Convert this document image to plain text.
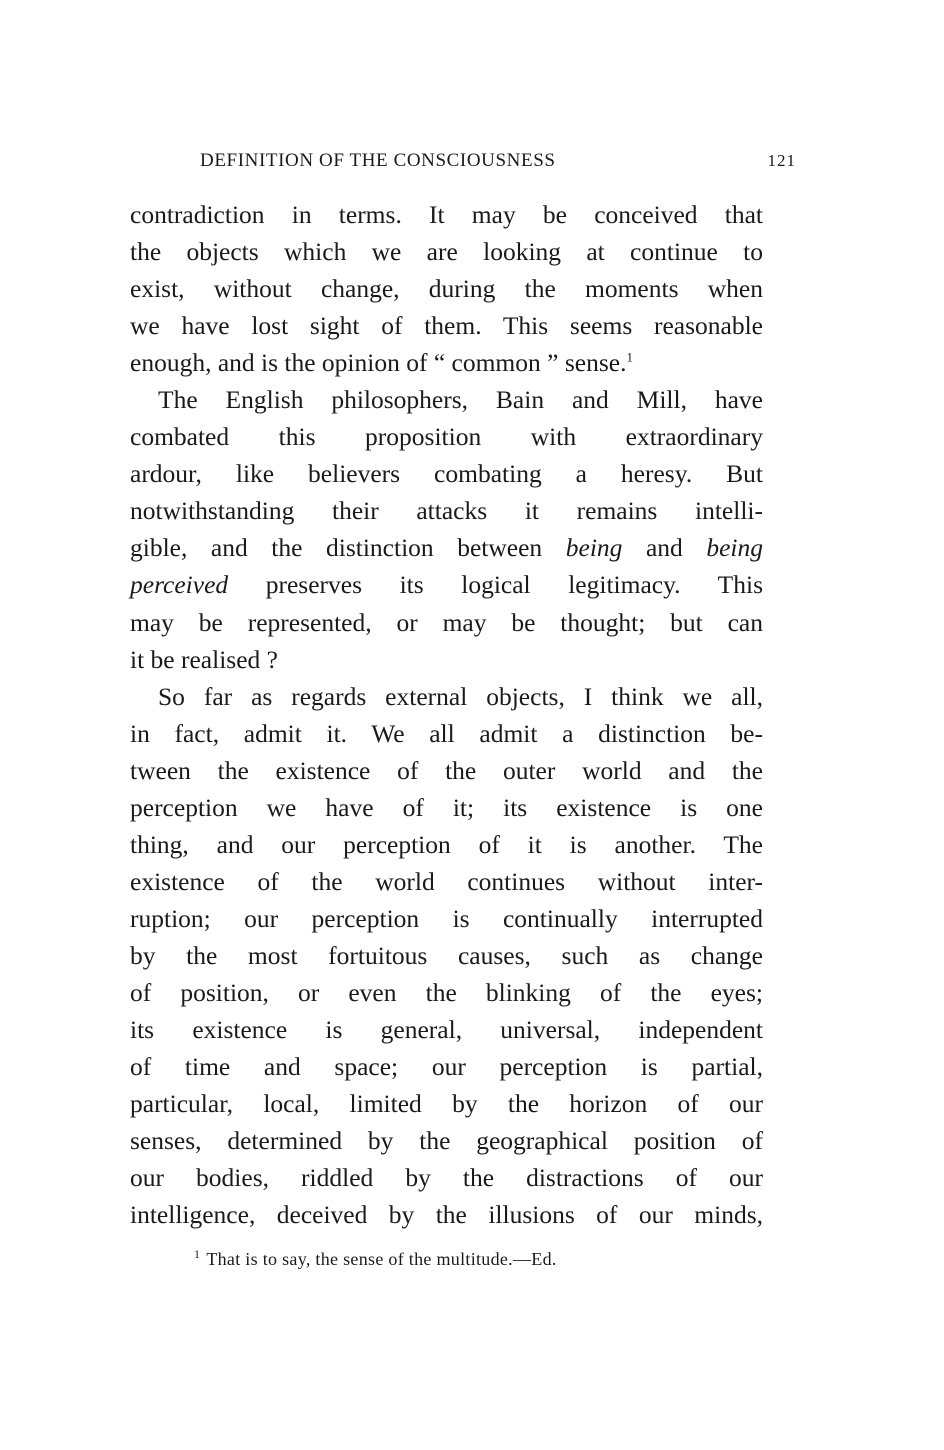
DEFINITION OF THE CONSCIOUSNESS	121
contradiction in terms. It may be conceived that
the objects which we are looking at continue to
exist, without change, during the moments when
we have lost sight of them. This seems reasonable
enough, and is the opinion of “ common ” sense.$^1$
The English philosophers, Bain and Mill, have
combated this proposition with extraordinary
ardour, like believers combating a heresy. But
notwithstanding their attacks it remains intelli-
gible, and the distinction between being and being
perceived preserves its logical legitimacy. This
may be represented, or may be thought; but can
it be realised ?
So far as regards external objects, I think we all,
in fact, admit it. We all admit a distinction be-
tween the existence of the outer world and the
perception we have of it; its existence is one
thing, and our perception of it is another. The
existence of the world continues without inter-
ruption; our perception is continually interrupted
by the most fortuitous causes, such as change
of position, or even the blinking of the eyes;
its existence is general, universal, independent
of time and space; our perception is partial,
particular, local, limited by the horizon of our
senses, determined by the geographical position of
our bodies, riddled by the distractions of our
intelligence, deceived by the illusions of our minds,
$^1$ That is to say, the sense of the multitude.—Ed.
